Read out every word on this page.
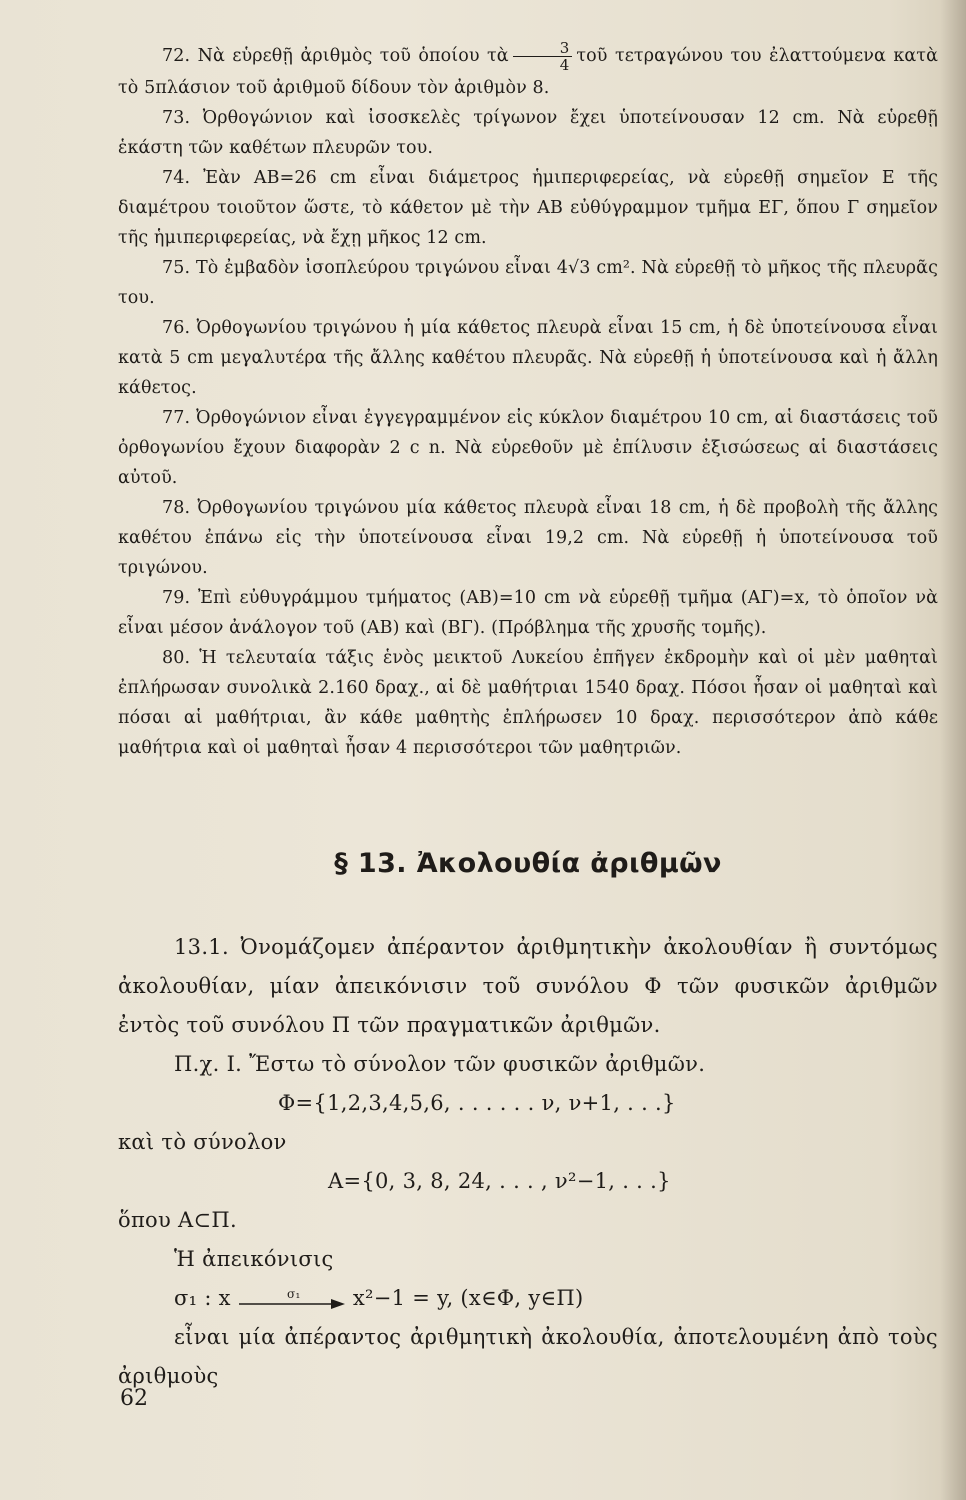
72. Νὰ εὑρεθῇ ἀριθμὸς τοῦ ὁποίου τὰ $\frac{3}{4}$ τοῦ τετραγώνου του ἐλαττούμενα κατὰ τὸ 5πλάσιον τοῦ ἀριθμοῦ δίδουν τὸν ἀριθμὸν 8.

73. Ὀρθογώνιον καὶ ἰσοσκελὲς τρίγωνον ἔχει ὑποτείνουσαν 12 cm. Νὰ εὑρεθῇ ἑκάστη τῶν καθέτων πλευρῶν του.

74. Ἐὰν ΑΒ=26 cm εἶναι διάμετρος ἡμιπεριφερείας, νὰ εὑρεθῇ σημεῖον Ε τῆς διαμέτρου τοιοῦτον ὥστε, τὸ κάθετον μὲ τὴν ΑΒ εὐθύγραμμον τμῆμα ΕΓ, ὅπου Γ σημεῖον τῆς ἡμιπεριφερείας, νὰ ἔχῃ μῆκος 12 cm.

75. Τὸ ἐμβαδὸν ἰσοπλεύρου τριγώνου εἶναι 4√3 cm². Νὰ εὑρεθῇ τὸ μῆκος τῆς πλευρᾶς του.

76. Ὀρθογωνίου τριγώνου ἡ μία κάθετος πλευρὰ εἶναι 15 cm, ἡ δὲ ὑποτείνουσα εἶναι κατὰ 5 cm μεγαλυτέρα τῆς ἄλλης καθέτου πλευρᾶς. Νὰ εὑρεθῇ ἡ ὑποτείνουσα καὶ ἡ ἄλλη κάθετος.

77. Ὀρθογώνιον εἶναι ἐγγεγραμμένον εἰς κύκλον διαμέτρου 10 cm, αἱ διαστάσεις τοῦ ὀρθογωνίου ἔχουν διαφορὰν 2 c n. Νὰ εὑρεθοῦν μὲ ἐπίλυσιν ἐξισώσεως αἱ διαστάσεις αὐτοῦ.

78. Ὀρθογωνίου τριγώνου μία κάθετος πλευρὰ εἶναι 18 cm, ἡ δὲ προβολὴ τῆς ἄλλης καθέτου ἐπάνω εἰς τὴν ὑποτείνουσα εἶναι 19,2 cm. Νὰ εὑρεθῇ ἡ ὑποτείνουσα τοῦ τριγώνου.

79. Ἐπὶ εὐθυγράμμου τμήματος (ΑΒ)=10 cm νὰ εὑρεθῇ τμῆμα (ΑΓ)=x, τὸ ὁποῖον νὰ εἶναι μέσον ἀνάλογον τοῦ (ΑΒ) καὶ (ΒΓ). (Πρόβλημα τῆς χρυσῆς τομῆς).

80. Ἡ τελευταία τάξις ἑνὸς μεικτοῦ Λυκείου ἐπῆγεν ἐκδρομὴν καὶ οἱ μὲν μαθηταὶ ἐπλήρωσαν συνολικὰ 2.160 δραχ., αἱ δὲ μαθήτριαι 1540 δραχ. Πόσοι ἦσαν οἱ μαθηταὶ καὶ πόσαι αἱ μαθήτριαι, ἂν κάθε μαθητὴς ἐπλήρωσεν 10 δραχ. περισσότερον ἀπὸ κάθε μαθήτρια καὶ οἱ μαθηταὶ ἦσαν 4 περισσότεροι τῶν μαθητριῶν.

§ 13. Ἀκολουθία ἀριθμῶν

13.1. Ὀνομάζομεν ἀπέραντον ἀριθμητικὴν ἀκολουθίαν ἢ συντόμως ἀκολουθίαν, μίαν ἀπεικόνισιν τοῦ συνόλου Φ τῶν φυσικῶν ἀριθμῶν ἐντὸς τοῦ συνόλου Π τῶν πραγματικῶν ἀριθμῶν.

Π.χ. Ι. Ἔστω τὸ σύνολον τῶν φυσικῶν ἀριθμῶν.

Φ={1,2,3,4,5,6, . . . . . . ν, ν+1, . . .}

καὶ τὸ σύνολον

Α={0, 3, 8, 24, . . . , ν²−1, . . .}

ὅπου Α⊂Π.

Ἡ ἀπεικόνισις

σ₁ : x	σ₁ x²−1 = y, (x∈Φ, y∈Π)

εἶναι μία ἀπέραντος ἀριθμητικὴ ἀκολουθία, ἀποτελουμένη ἀπὸ τοὺς ἀριθμοὺς

62
